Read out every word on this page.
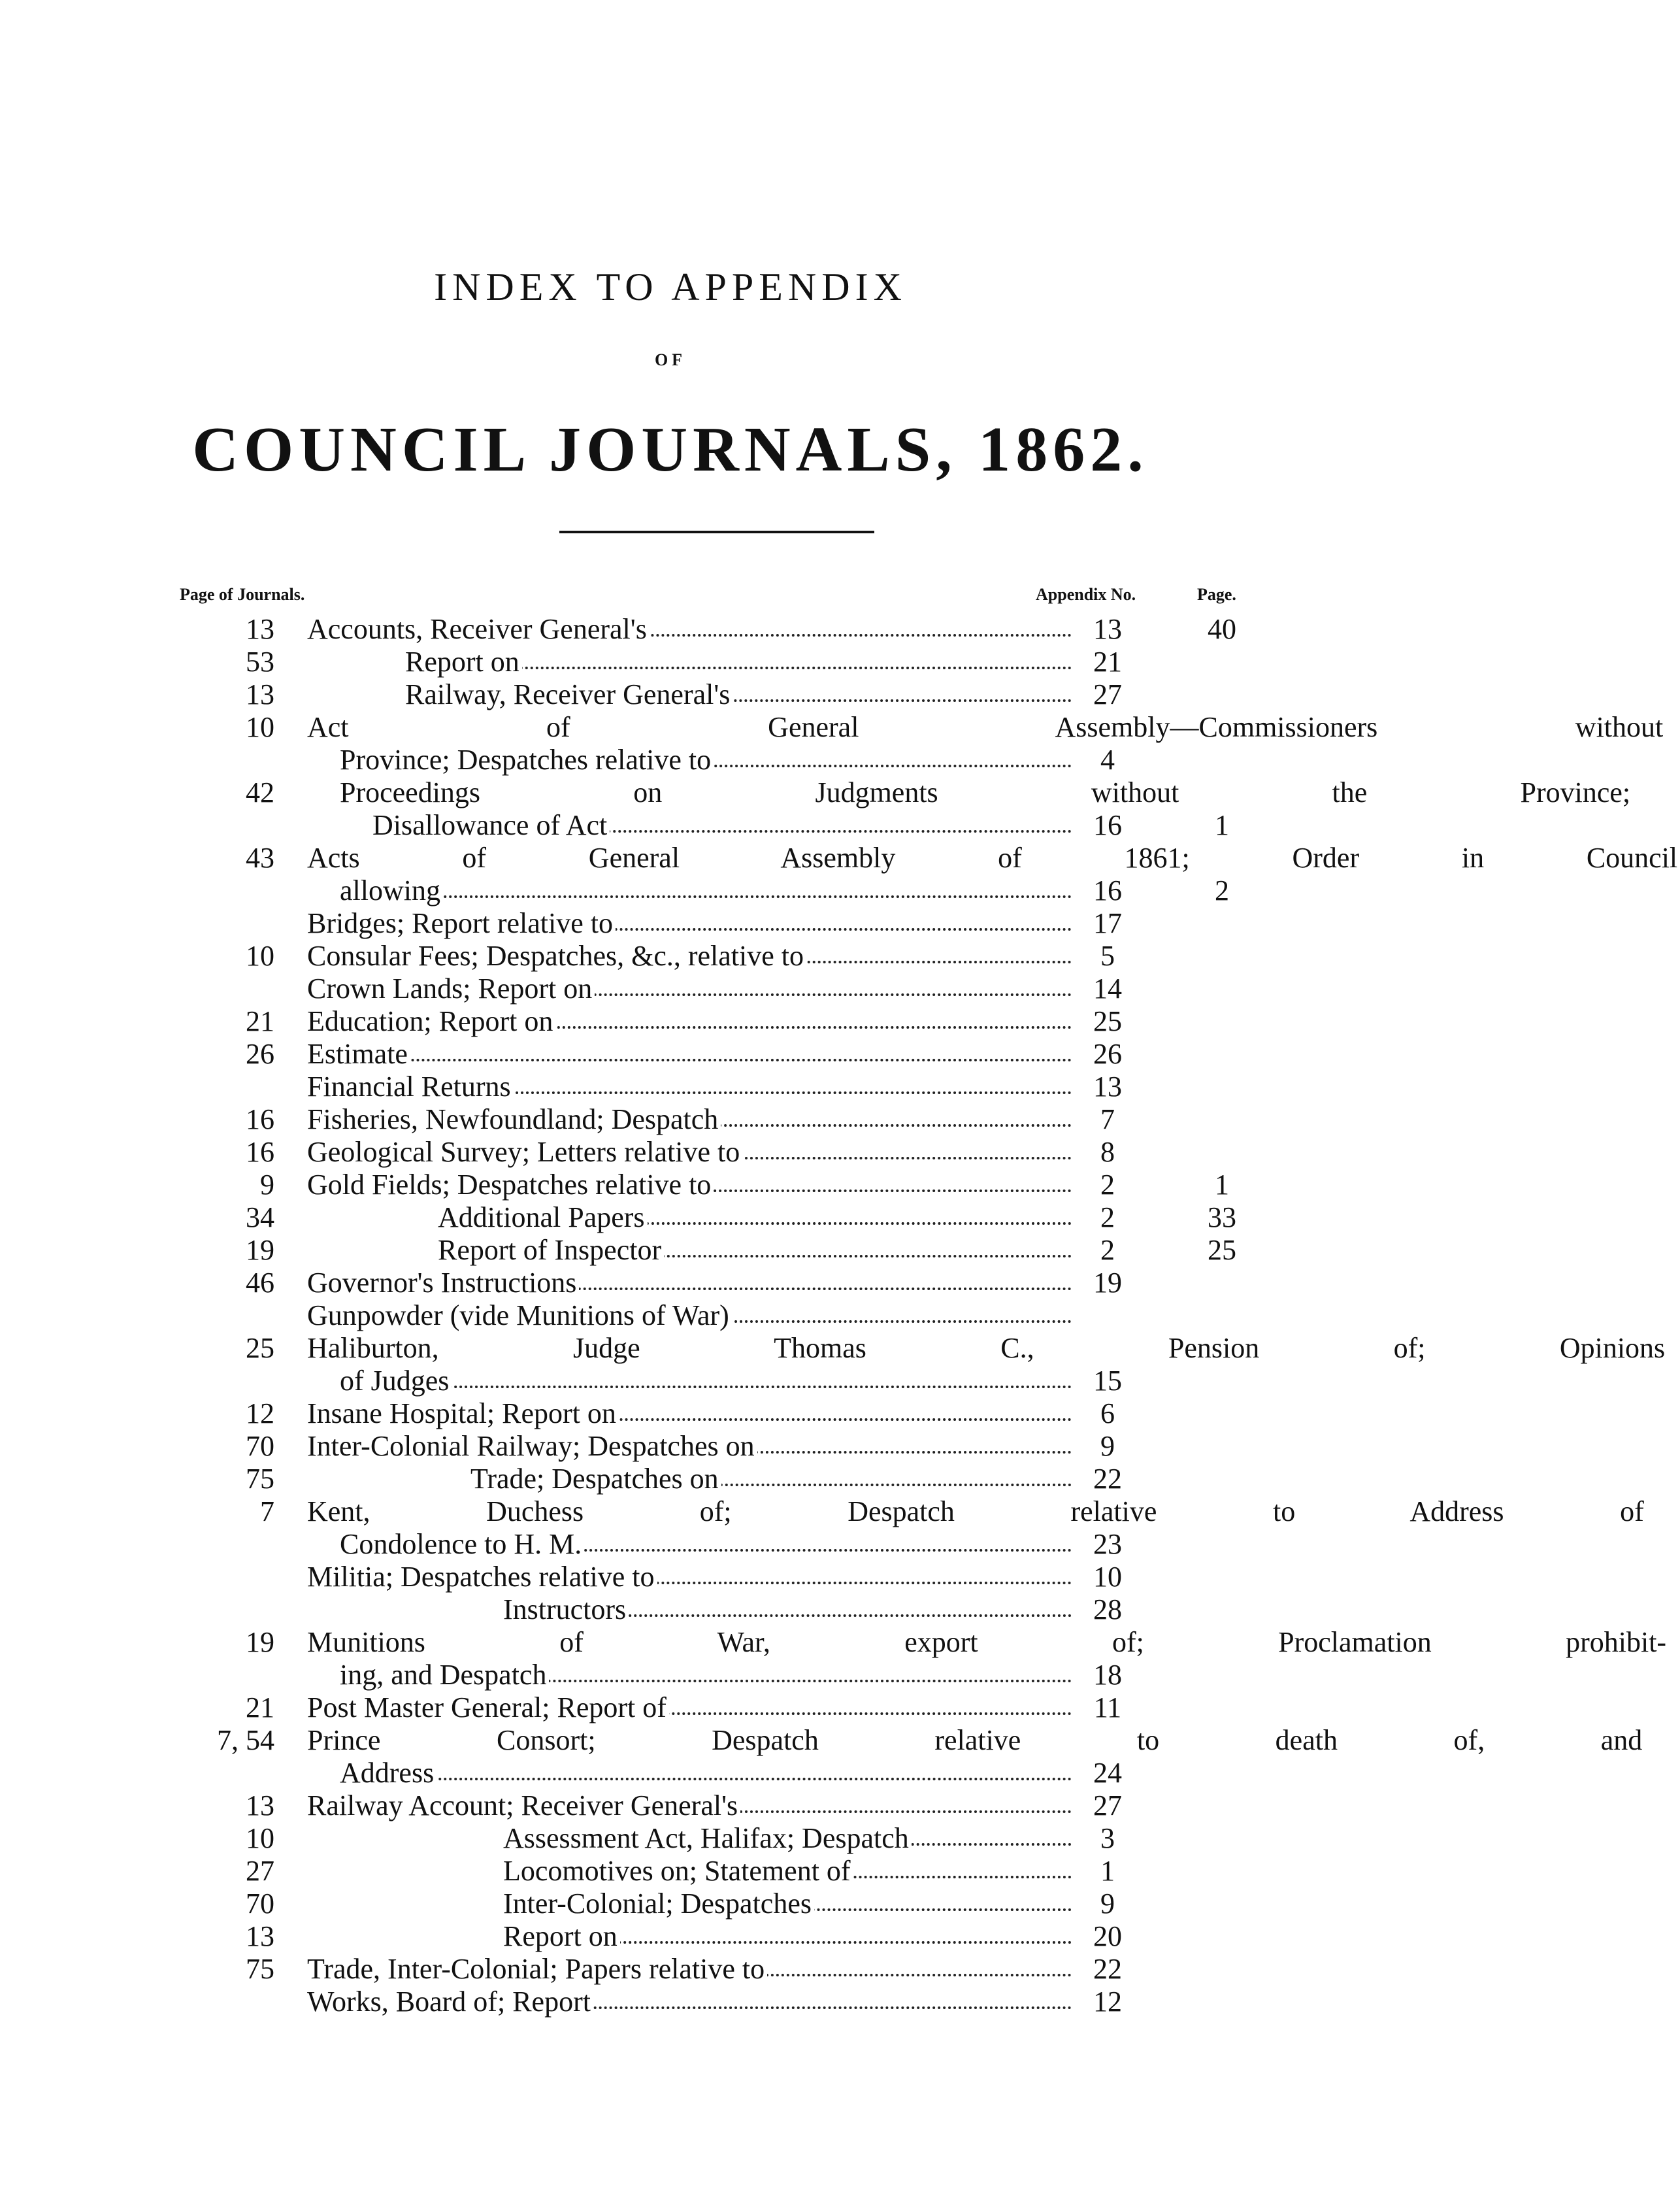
INDEX TO APPENDIX
OF
COUNCIL JOURNALS, 1862.
Page of Journals.	Appendix No.	Page.
13 Accounts, Receiver General's	13	40
53	Report on	21
13	Railway, Receiver General's	27
10 Act of General Assembly—Commissioners without
Province; Despatches relative to	4
42 Proceedings on Judgments without the Province;
Disallowance of Act	16	1
43 Acts of General Assembly of 1861; Order in Council
allowing	16	2
Bridges; Report relative to	17
10 Consular Fees; Despatches, &c., relative to	5
Crown Lands; Report on	14
21 Education; Report on	25
26 Estimate	26
Financial Returns	13
16 Fisheries, Newfoundland; Despatch	7
16 Geological Survey; Letters relative to	8
9 Gold Fields; Despatches relative to	2	1
34	Additional Papers	2	33
19	Report of Inspector	2	25
46 Governor's Instructions	19
Gunpowder (vide Munitions of War)
25 Haliburton, Judge Thomas C., Pension of; Opinions
of Judges	15
12 Insane Hospital; Report on	6
70 Inter-Colonial Railway; Despatches on	9
75	Trade; Despatches on	22
7 Kent, Duchess of; Despatch relative to Address of
Condolence to H. M.	23
Militia; Despatches relative to	10
Instructors	28
19 Munitions of War, export of; Proclamation prohibit-
ing, and Despatch	18
21 Post Master General; Report of	11
7, 54 Prince Consort; Despatch relative to death of, and
Address	24
13 Railway Account; Receiver General's	27
10	Assessment Act, Halifax; Despatch	3
27	Locomotives on; Statement of	1
70	Inter-Colonial; Despatches	9
13	Report on	20
75 Trade, Inter-Colonial; Papers relative to	22
Works, Board of; Report	12
